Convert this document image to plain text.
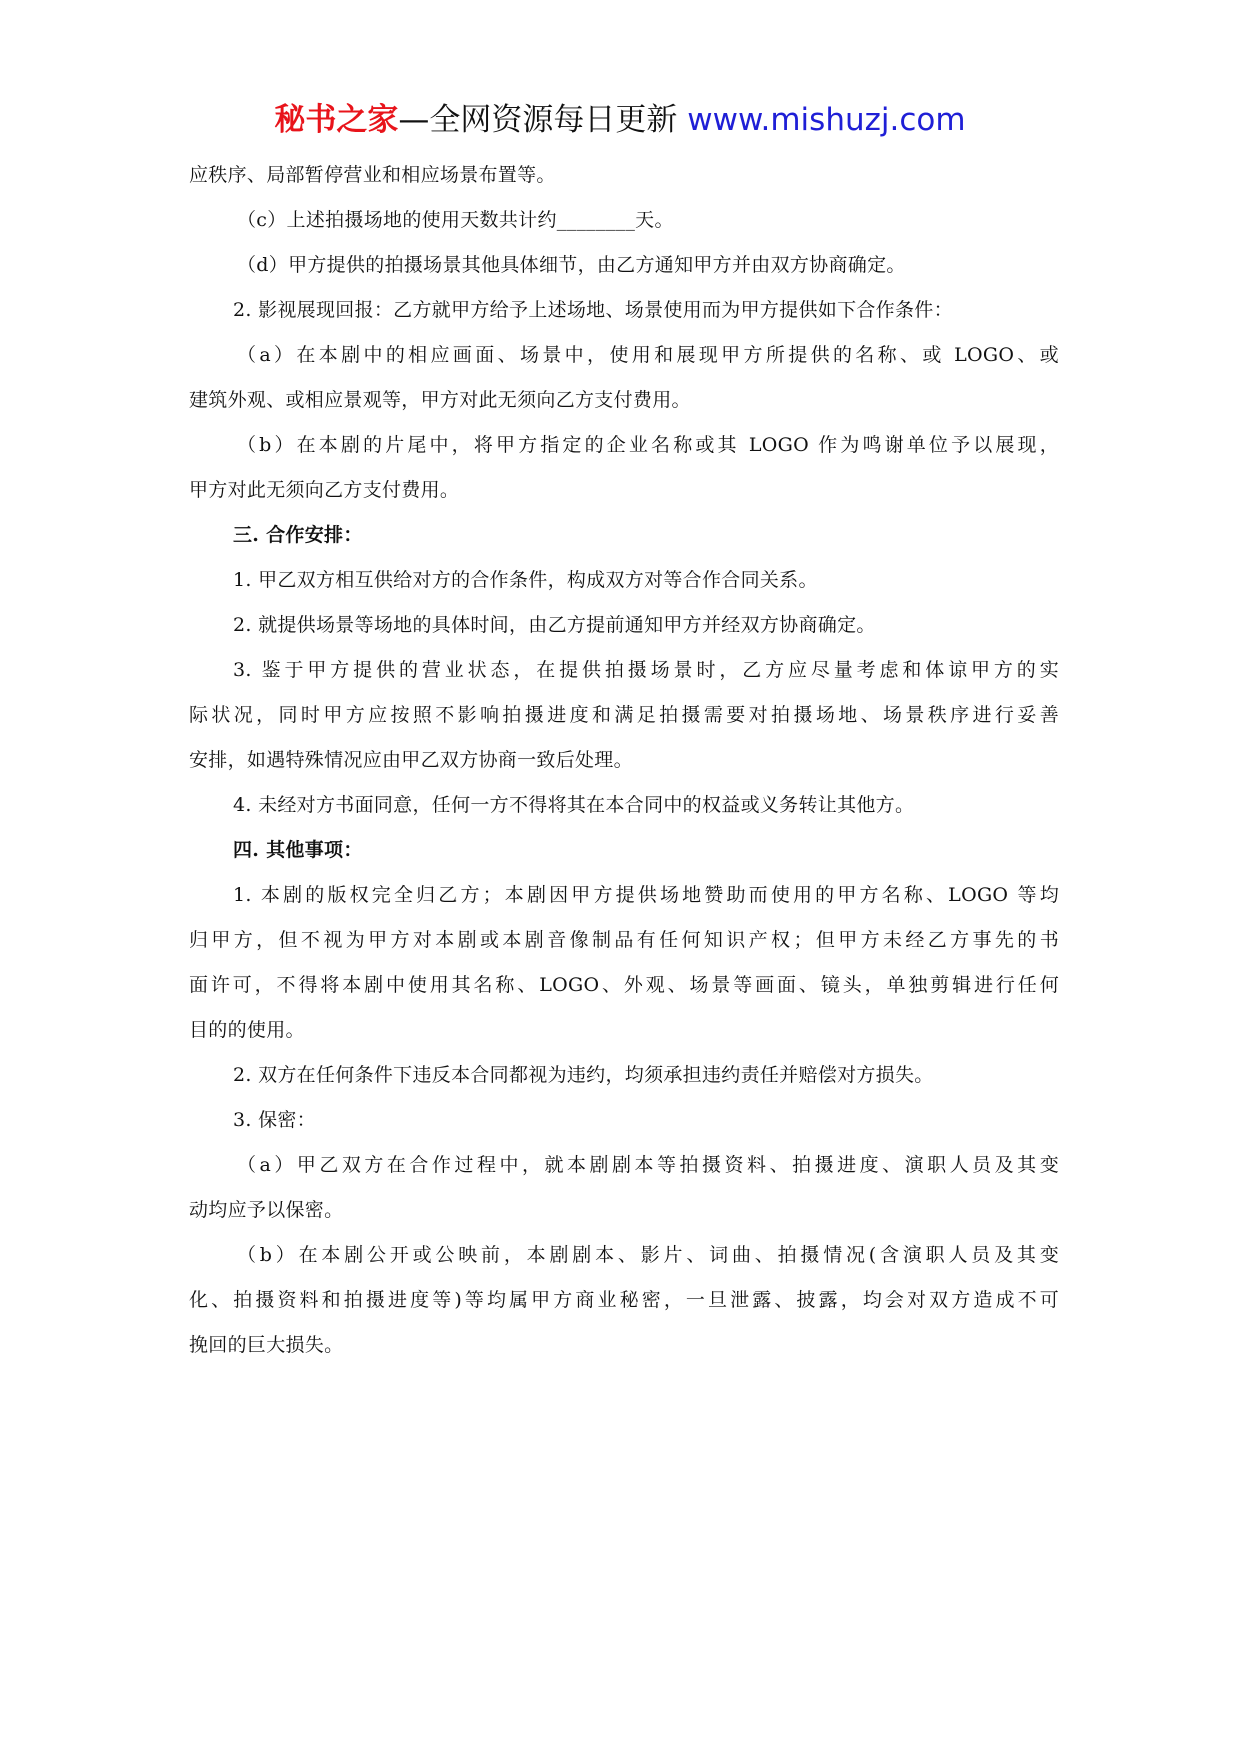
秘书之家—全网资源每日更新 www.mishuzj.com
应秩序、局部暂停营业和相应场景布置等。
（c）上述拍摄场地的使用天数共计约________天。
（d）甲方提供的拍摄场景其他具体细节，由乙方通知甲方并由双方协商确定。
2. 影视展现回报：乙方就甲方给予上述场地、场景使用而为甲方提供如下合作条件：
（a）在本剧中的相应画面、场景中，使用和展现甲方所提供的名称、或 LOGO、或
建筑外观、或相应景观等，甲方对此无须向乙方支付费用。
（b）在本剧的片尾中，将甲方指定的企业名称或其 LOGO 作为鸣谢单位予以展现，
甲方对此无须向乙方支付费用。
三. 合作安排：
1. 甲乙双方相互供给对方的合作条件，构成双方对等合作合同关系。
2. 就提供场景等场地的具体时间，由乙方提前通知甲方并经双方协商确定。
3. 鉴于甲方提供的营业状态，在提供拍摄场景时，乙方应尽量考虑和体谅甲方的实
际状况，同时甲方应按照不影响拍摄进度和满足拍摄需要对拍摄场地、场景秩序进行妥善
安排，如遇特殊情况应由甲乙双方协商一致后处理。
4. 未经对方书面同意，任何一方不得将其在本合同中的权益或义务转让其他方。
四. 其他事项：
1. 本剧的版权完全归乙方；本剧因甲方提供场地赞助而使用的甲方名称、LOGO 等均
归甲方，但不视为甲方对本剧或本剧音像制品有任何知识产权；但甲方未经乙方事先的书
面许可，不得将本剧中使用其名称、LOGO、外观、场景等画面、镜头，单独剪辑进行任何
目的的使用。
2. 双方在任何条件下违反本合同都视为违约，均须承担违约责任并赔偿对方损失。
3. 保密：
（a）甲乙双方在合作过程中，就本剧剧本等拍摄资料、拍摄进度、演职人员及其变
动均应予以保密。
（b）在本剧公开或公映前，本剧剧本、影片、词曲、拍摄情况(含演职人员及其变
化、拍摄资料和拍摄进度等)等均属甲方商业秘密，一旦泄露、披露，均会对双方造成不可
挽回的巨大损失。
